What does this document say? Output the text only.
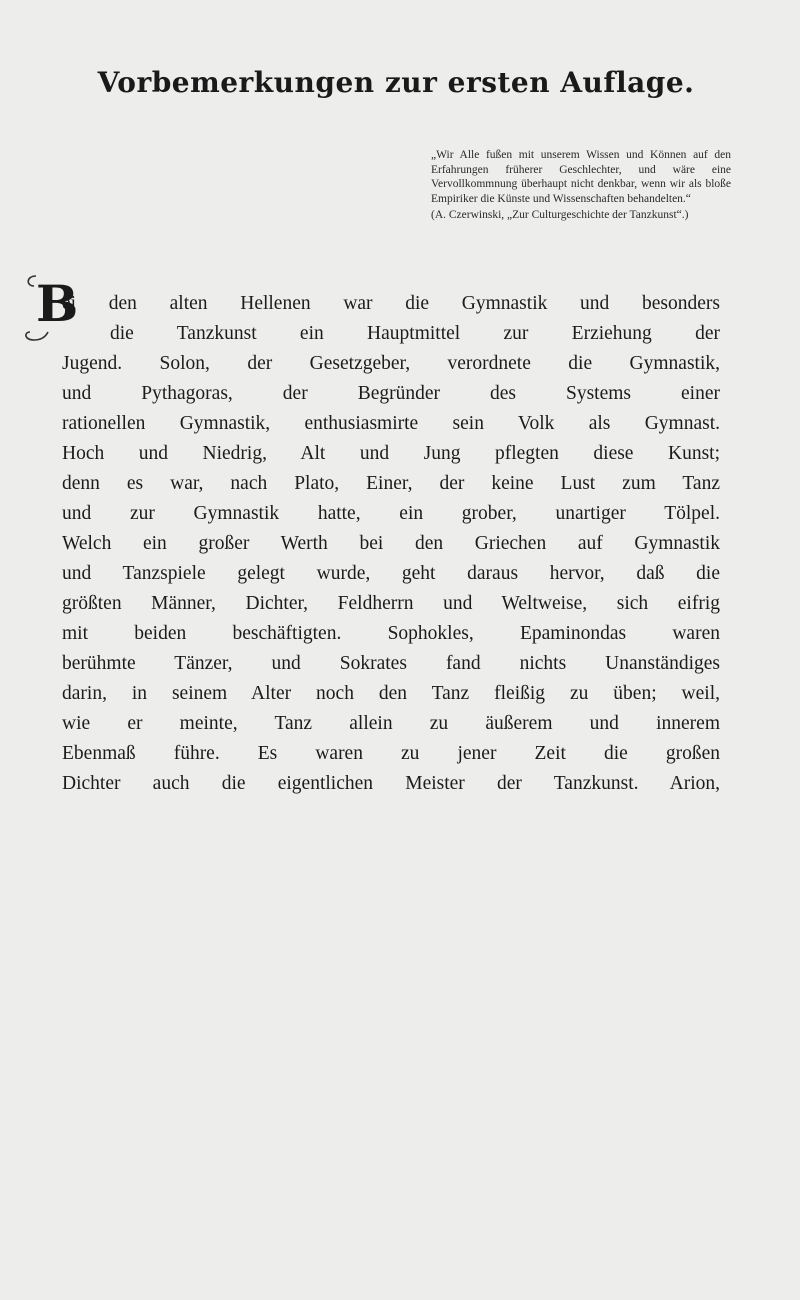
Vorbemerkungen zur ersten Auflage.

„Wir Alle fußen mit unserem Wissen und Können auf den Erfahrungen früherer Geschlechter, und wäre eine Vervollkommnung überhaupt nicht denkbar, wenn wir als bloße Empiriker die Künste und Wissenschaften behandelten.“

(A. Czerwinski, „Zur Culturgeschichte der Tanzkunst“.)

B
ei den alten Hellenen war die Gymnastik und besonders
die Tanzkunst ein Hauptmittel zur Erziehung der
Jugend. Solon, der Gesetzgeber, verordnete die Gymnastik,
und Pythagoras, der Begründer des Systems einer
rationellen Gymnastik, enthusiasmirte sein Volk als Gymnast.
Hoch und Niedrig, Alt und Jung pflegten diese Kunst;
denn es war, nach Plato, Einer, der keine Lust zum Tanz
und zur Gymnastik hatte, ein grober, unartiger Tölpel.
Welch ein großer Werth bei den Griechen auf Gymnastik
und Tanzspiele gelegt wurde, geht daraus hervor, daß die
größten Männer, Dichter, Feldherrn und Weltweise, sich eifrig
mit beiden beschäftigten. Sophokles, Epaminondas waren
berühmte Tänzer, und Sokrates fand nichts Unanständiges
darin, in seinem Alter noch den Tanz fleißig zu üben; weil,
wie er meinte, Tanz allein zu äußerem und innerem
Ebenmaß führe. Es waren zu jener Zeit die großen
Dichter auch die eigentlichen Meister der Tanzkunst. Arion,
